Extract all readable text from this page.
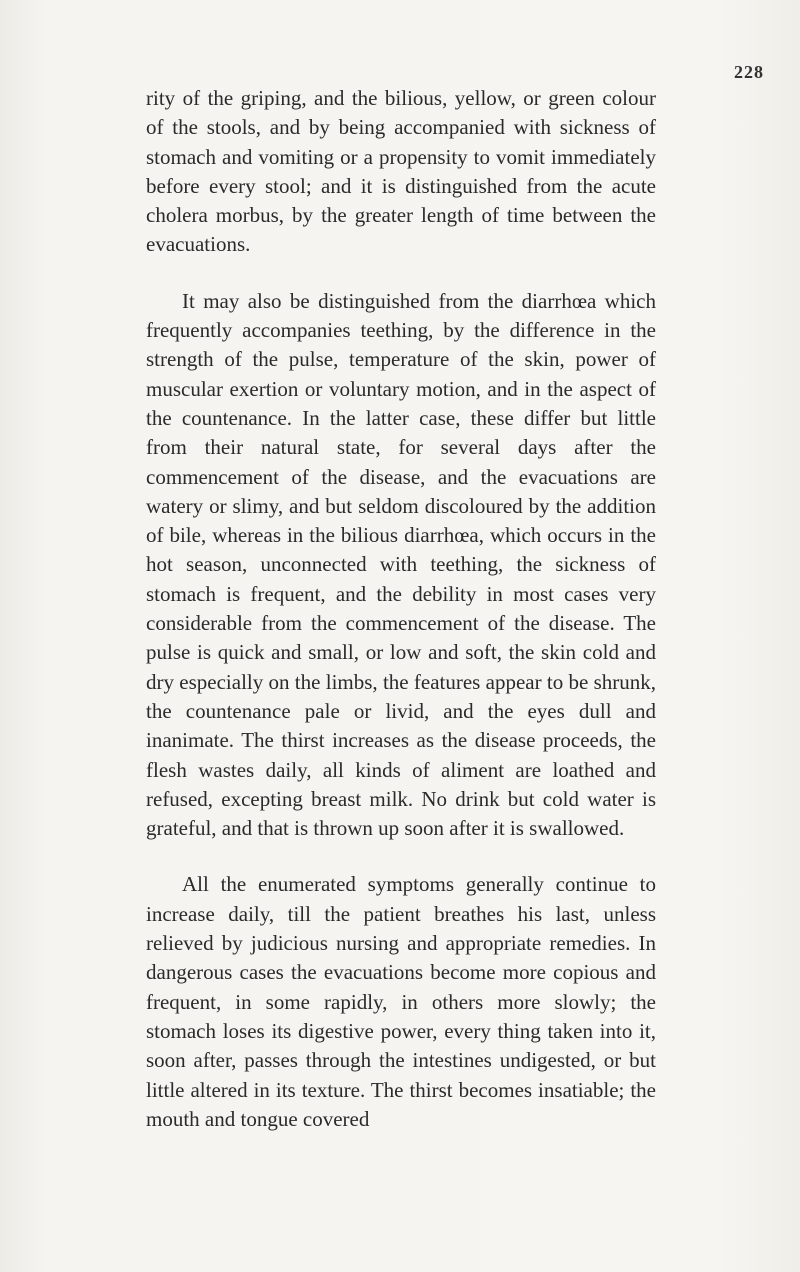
228

rity of the griping, and the bilious, yellow, or green colour of the stools, and by being accompanied with sickness of stomach and vomiting or a propensity to vomit immediately before every stool; and it is distinguished from the acute cholera morbus, by the greater length of time between the evacuations.

It may also be distinguished from the diarrhœa which frequently accompanies teething, by the difference in the strength of the pulse, temperature of the skin, power of muscular exertion or voluntary motion, and in the aspect of the countenance. In the latter case, these differ but little from their natural state, for several days after the commencement of the disease, and the evacuations are watery or slimy, and but seldom discoloured by the addition of bile, whereas in the bilious diarrhœa, which occurs in the hot season, unconnected with teething, the sickness of stomach is frequent, and the debility in most cases very considerable from the commencement of the disease. The pulse is quick and small, or low and soft, the skin cold and dry especially on the limbs, the features appear to be shrunk, the countenance pale or livid, and the eyes dull and inanimate. The thirst increases as the disease proceeds, the flesh wastes daily, all kinds of aliment are loathed and refused, excepting breast milk. No drink but cold water is grateful, and that is thrown up soon after it is swallowed.

All the enumerated symptoms generally continue to increase daily, till the patient breathes his last, unless relieved by judicious nursing and appropriate remedies. In dangerous cases the evacuations become more copious and frequent, in some rapidly, in others more slowly; the stomach loses its digestive power, every thing taken into it, soon after, passes through the intestines undigested, or but little altered in its texture. The thirst becomes insatiable; the mouth and tongue covered
